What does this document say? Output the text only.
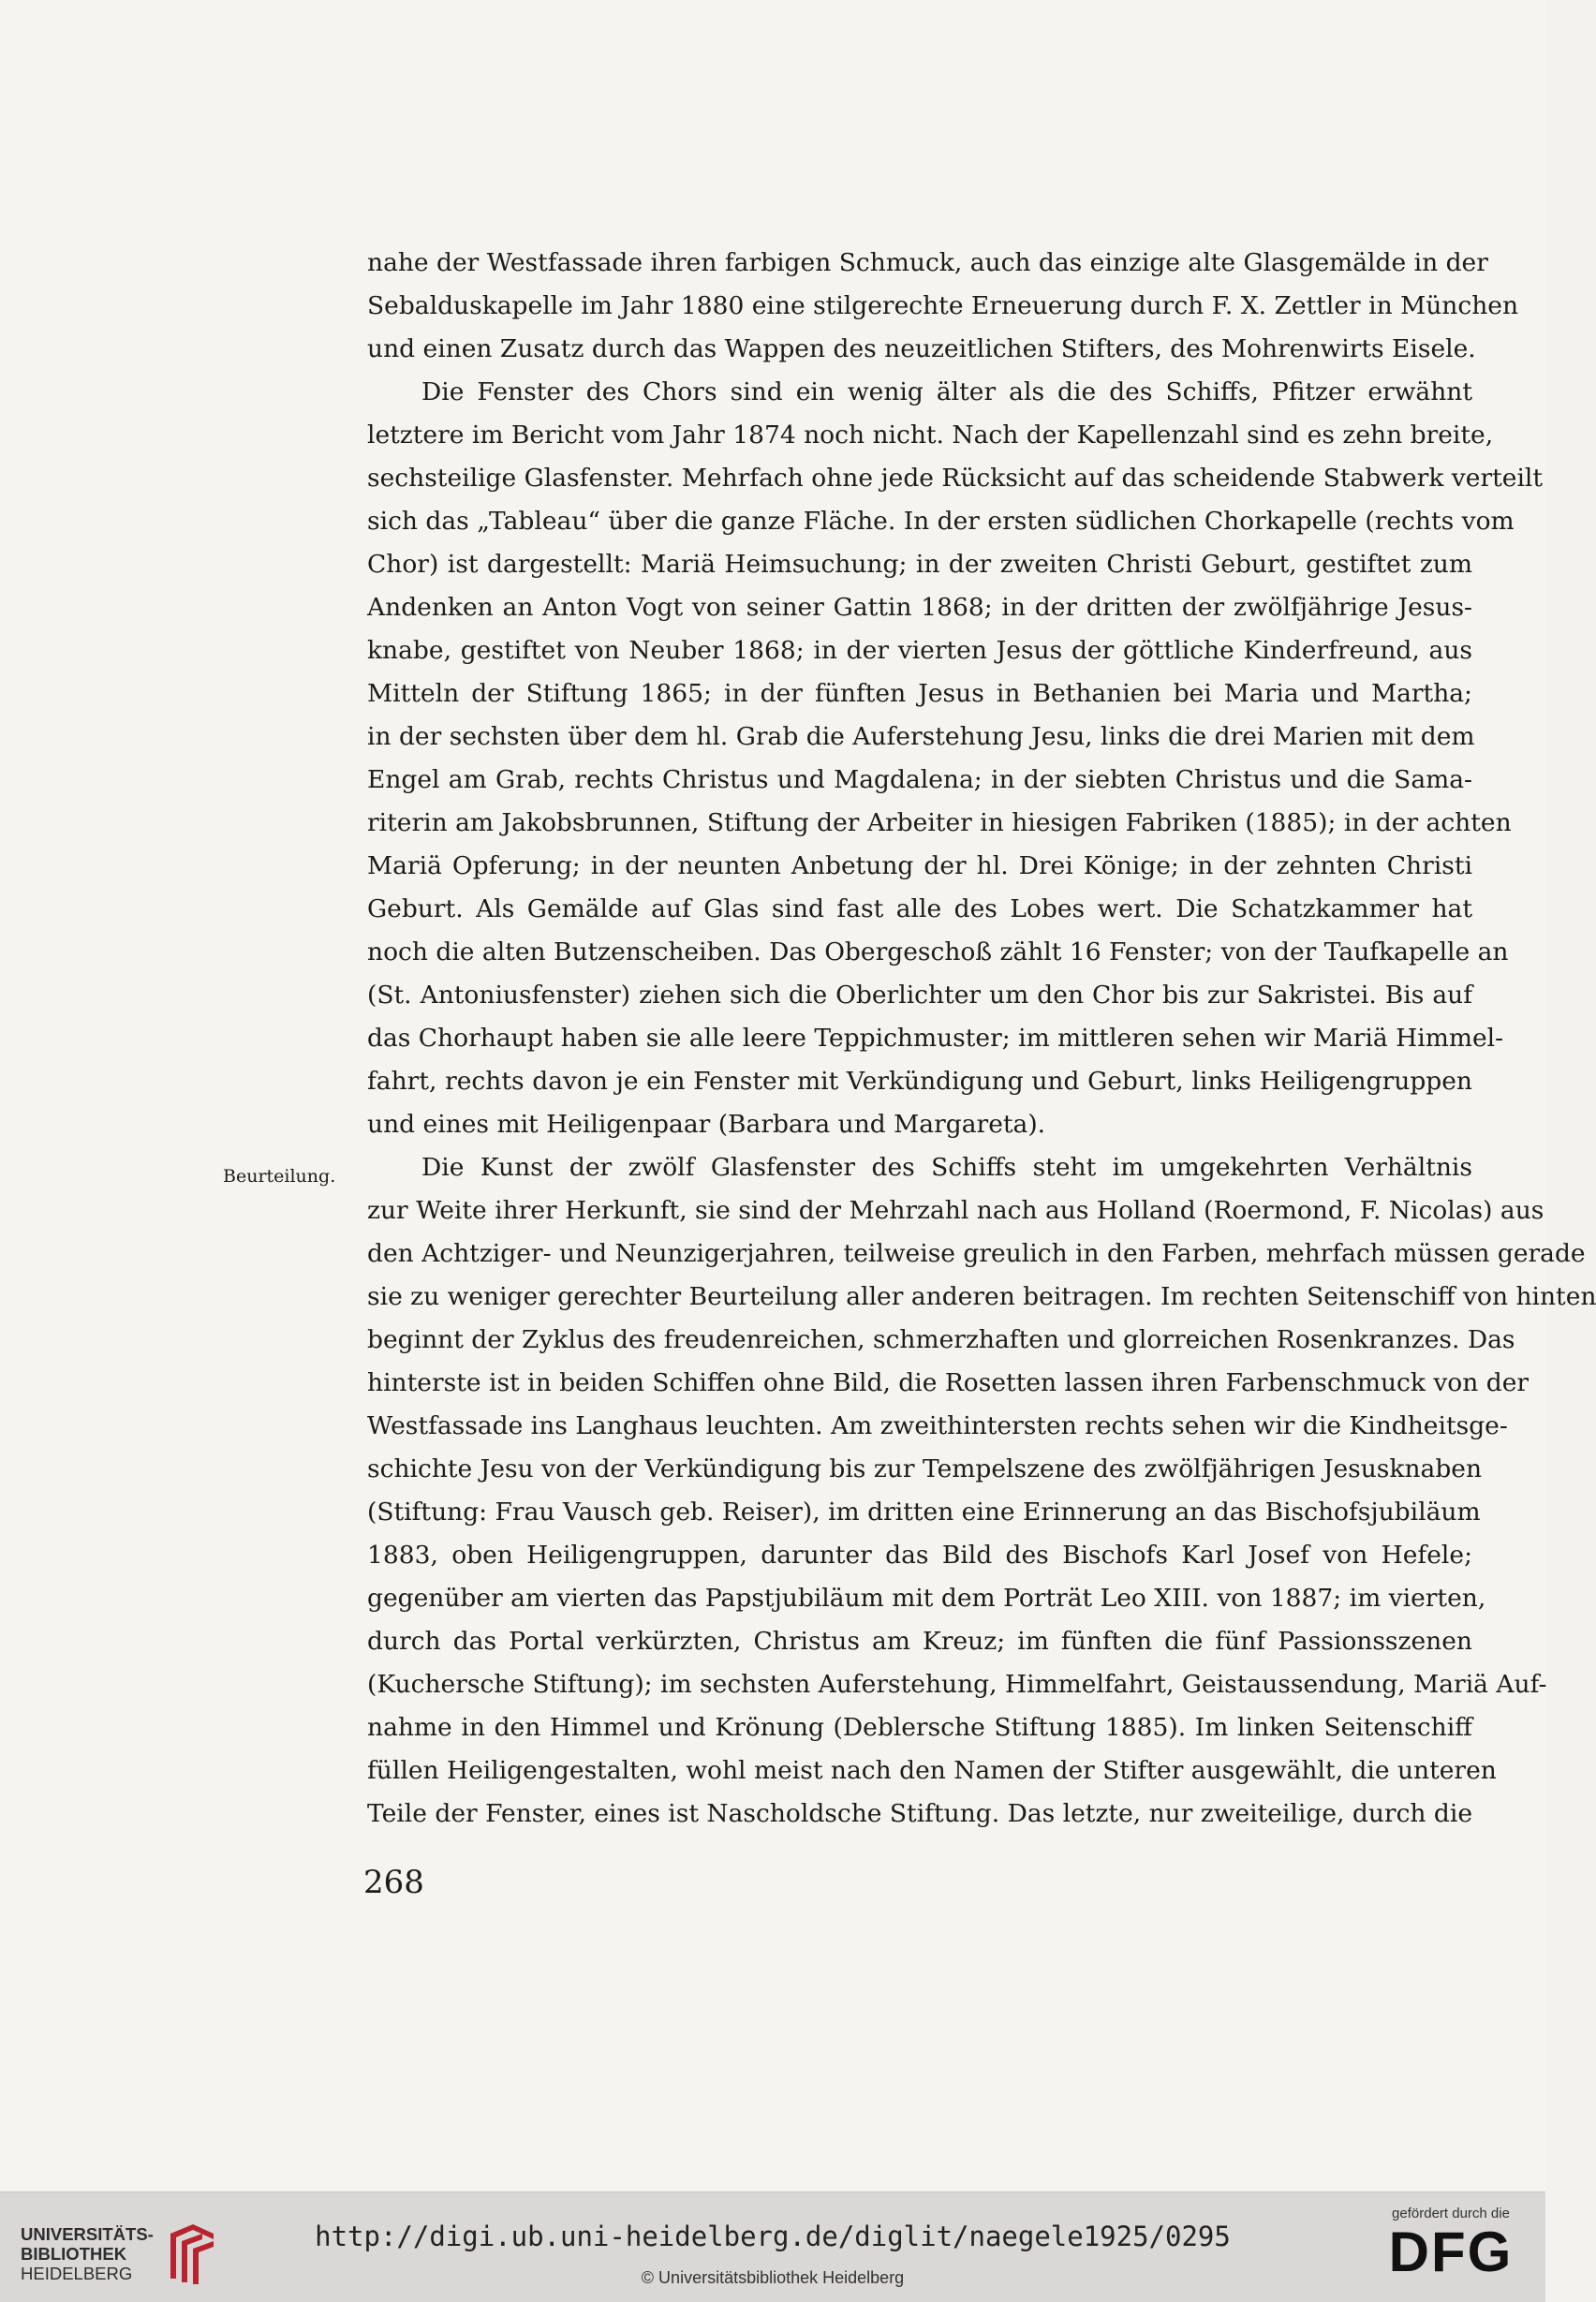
Beurteilung.
nahe der Westfassade ihren farbigen Schmuck, auch das einzige alte Glasgemälde in der
Sebalduskapelle im Jahr 1880 eine stilgerechte Erneuerung durch F. X. Zettler in München
und einen Zusatz durch das Wappen des neuzeitlichen Stifters, des Mohrenwirts Eisele.
Die Fenster des Chors sind ein wenig älter als die des Schiffs, Pfitzer erwähnt
letztere im Bericht vom Jahr 1874 noch nicht. Nach der Kapellenzahl sind es zehn breite,
sechsteilige Glasfenster. Mehrfach ohne jede Rücksicht auf das scheidende Stabwerk verteilt
sich das „Tableau“ über die ganze Fläche. In der ersten südlichen Chorkapelle (rechts vom
Chor) ist dargestellt: Mariä Heimsuchung; in der zweiten Christi Geburt, gestiftet zum
Andenken an Anton Vogt von seiner Gattin 1868; in der dritten der zwölfjährige Jesus-
knabe, gestiftet von Neuber 1868; in der vierten Jesus der göttliche Kinderfreund, aus
Mitteln der Stiftung 1865; in der fünften Jesus in Bethanien bei Maria und Martha;
in der sechsten über dem hl. Grab die Auferstehung Jesu, links die drei Marien mit dem
Engel am Grab, rechts Christus und Magdalena; in der siebten Christus und die Sama-
riterin am Jakobsbrunnen, Stiftung der Arbeiter in hiesigen Fabriken (1885); in der achten
Mariä Opferung; in der neunten Anbetung der hl. Drei Könige; in der zehnten Christi
Geburt. Als Gemälde auf Glas sind fast alle des Lobes wert. Die Schatzkammer hat
noch die alten Butzenscheiben. Das Obergeschoß zählt 16 Fenster; von der Taufkapelle an
(St. Antoniusfenster) ziehen sich die Oberlichter um den Chor bis zur Sakristei. Bis auf
das Chorhaupt haben sie alle leere Teppichmuster; im mittleren sehen wir Mariä Himmel-
fahrt, rechts davon je ein Fenster mit Verkündigung und Geburt, links Heiligengruppen
und eines mit Heiligenpaar (Barbara und Margareta).
Die Kunst der zwölf Glasfenster des Schiffs steht im umgekehrten Verhältnis
zur Weite ihrer Herkunft, sie sind der Mehrzahl nach aus Holland (Roermond, F. Nicolas) aus
den Achtziger- und Neunzigerjahren, teilweise greulich in den Farben, mehrfach müssen gerade
sie zu weniger gerechter Beurteilung aller anderen beitragen. Im rechten Seitenschiff von hinten
beginnt der Zyklus des freudenreichen, schmerzhaften und glorreichen Rosenkranzes. Das
hinterste ist in beiden Schiffen ohne Bild, die Rosetten lassen ihren Farbenschmuck von der
Westfassade ins Langhaus leuchten. Am zweithintersten rechts sehen wir die Kindheitsge-
schichte Jesu von der Verkündigung bis zur Tempelszene des zwölfjährigen Jesusknaben
(Stiftung: Frau Vausch geb. Reiser), im dritten eine Erinnerung an das Bischofsjubiläum
1883, oben Heiligengruppen, darunter das Bild des Bischofs Karl Josef von Hefele;
gegenüber am vierten das Papstjubiläum mit dem Porträt Leo XIII. von 1887; im vierten,
durch das Portal verkürzten, Christus am Kreuz; im fünften die fünf Passionsszenen
(Kuchersche Stiftung); im sechsten Auferstehung, Himmelfahrt, Geistaussendung, Mariä Auf-
nahme in den Himmel und Krönung (Deblersche Stiftung 1885). Im linken Seitenschiff
füllen Heiligengestalten, wohl meist nach den Namen der Stifter ausgewählt, die unteren
Teile der Fenster, eines ist Nascholdsche Stiftung. Das letzte, nur zweiteilige, durch die
268
UNIVERSITÄTS-
BIBLIOTHEK
HEIDELBERG
http://digi.ub.uni-heidelberg.de/diglit/naegele1925/0295
© Universitätsbibliothek Heidelberg
gefördert durch die
DFG
